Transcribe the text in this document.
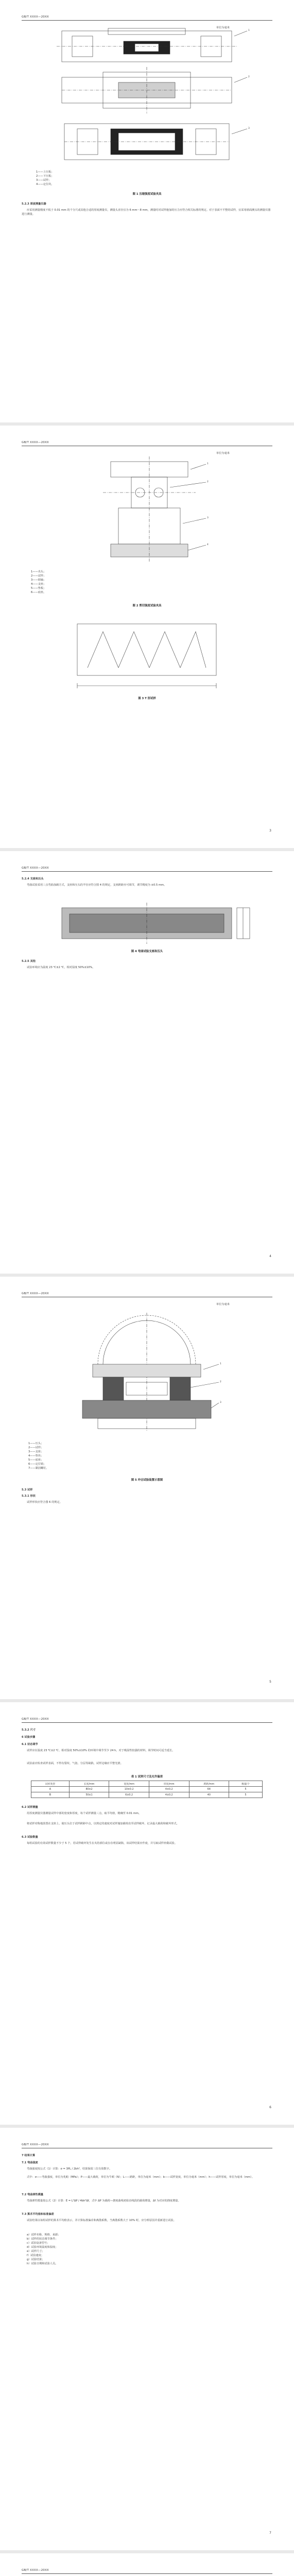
GB/T XXXX—20XX
单位为毫米
1
2
3
1——上压板；
2——下压板；
3——试样；
4——定位块。
图 1 压缩强度试验夹具
5.2.3 厚度测量仪器
应采用测量精度不低于 0.01 mm 的千分尺或其他合适的厚度测量仪，测量头直径宜为 6 mm～8 mm，测量时对试样施加的压力应符合相关标准的规定。对于表面不平整的试样，宜采用球面测头的测量仪器进行测量。
GB/T XXXX—20XX
单位为毫米
1
2
3
4
1——夹头；
2——试样；
3——销轴；
4——支座；
5——垫板；
6——底座。
图 2 剪切强度试验夹具
图 3 T 形试样
3
GB/T XXXX—20XX
5.2.4 支座和压头
弯曲试验采用三点弯曲加载方式，支座和压头的半径应符合图 4 的规定，支座跨距应可调节，调节精度为 ±0.5 mm。
图 4 弯曲试验支座和压头
5.2.5 其他
试验环境应为温度 23 ℃±2 ℃，相对湿度 50%±10%。
4
GB/T XXXX—20XX
单位为毫米
1
2
3
1——压头；
2——试样；
3——支座；
4——垫块；
5——底座；
6——定位销；
7——紧固螺钉。
图 5 冲击试验装置示意图
5.3 试样
5.3.1 形状
试样形状应符合图 6 的规定。
5
GB/T XXXX—20XX
5.3.2 尺寸
6 试验步骤
6.1 状态调节
试样应在温度 23 ℃±2 ℃、相对湿度 50%±10% 的环境中调节至少 24 h。对于吸湿性较强的材料，调节时间可适当延长。
试验前应检查试样表面，不得有裂纹、气泡、分层等缺陷，试样边缘应平整光滑。
表 1 试样尺寸及允许偏差
试样类型	长度/mm	宽度/mm	厚度/mm	跨距/mm	数量/个
A	80±2	10±0.2	4±0.2	64	5
B	50±1	6±0.2	4±0.2	40	5
6.2 试样测量
用厚度测量仪器测量试样中部的宽度和厚度，每个试样测量三点，取平均值，精确至 0.01 mm。
将试样对称地放置在支座上，使压头位于试样跨距中点，以规定的速度对试样施加载荷直至试样破坏，记录最大载荷和破坏形式。
6.3 试验数量
每组试验的有效试样数量不少于 5 个。若试样破坏发生在夹持部位或存在明显缺陷，该试样结果应作废，并另取试样补做试验。
6
GB/T XXXX—20XX
7 结果计算
7.1 弯曲强度
弯曲强度按公式（1）计算：σ = 3PL / 2bh²，结果保留三位有效数字。
式中：σ——弯曲强度，单位为兆帕（MPa）；P——最大载荷，单位为牛顿（N）；L——跨距，单位为毫米（mm）；b——试样宽度，单位为毫米（mm）；h——试样厚度，单位为毫米（mm）。
7.2 弯曲弹性模量
弯曲弹性模量按公式（2）计算：E = L³ΔP / 4bh³Δf，式中 ΔP 为载荷—挠度曲线初始直线段的载荷增量，Δf 为对应的挠度增量。
7.3 算术平均值和标准偏差
试验结果以每组试样的算术平均值表示，并计算标准偏差和离散系数。当离散系数大于 10% 时，应分析原因并重新进行试验。
a）试样名称、规格、来源；
b）试样的状态调节条件；
c）试验设备型号；
d）试验环境温度和湿度；
e）试样尺寸；
f）试验速度；
g）试验结果；
h）试验日期和试验人员。
7
GB/T XXXX—20XX
